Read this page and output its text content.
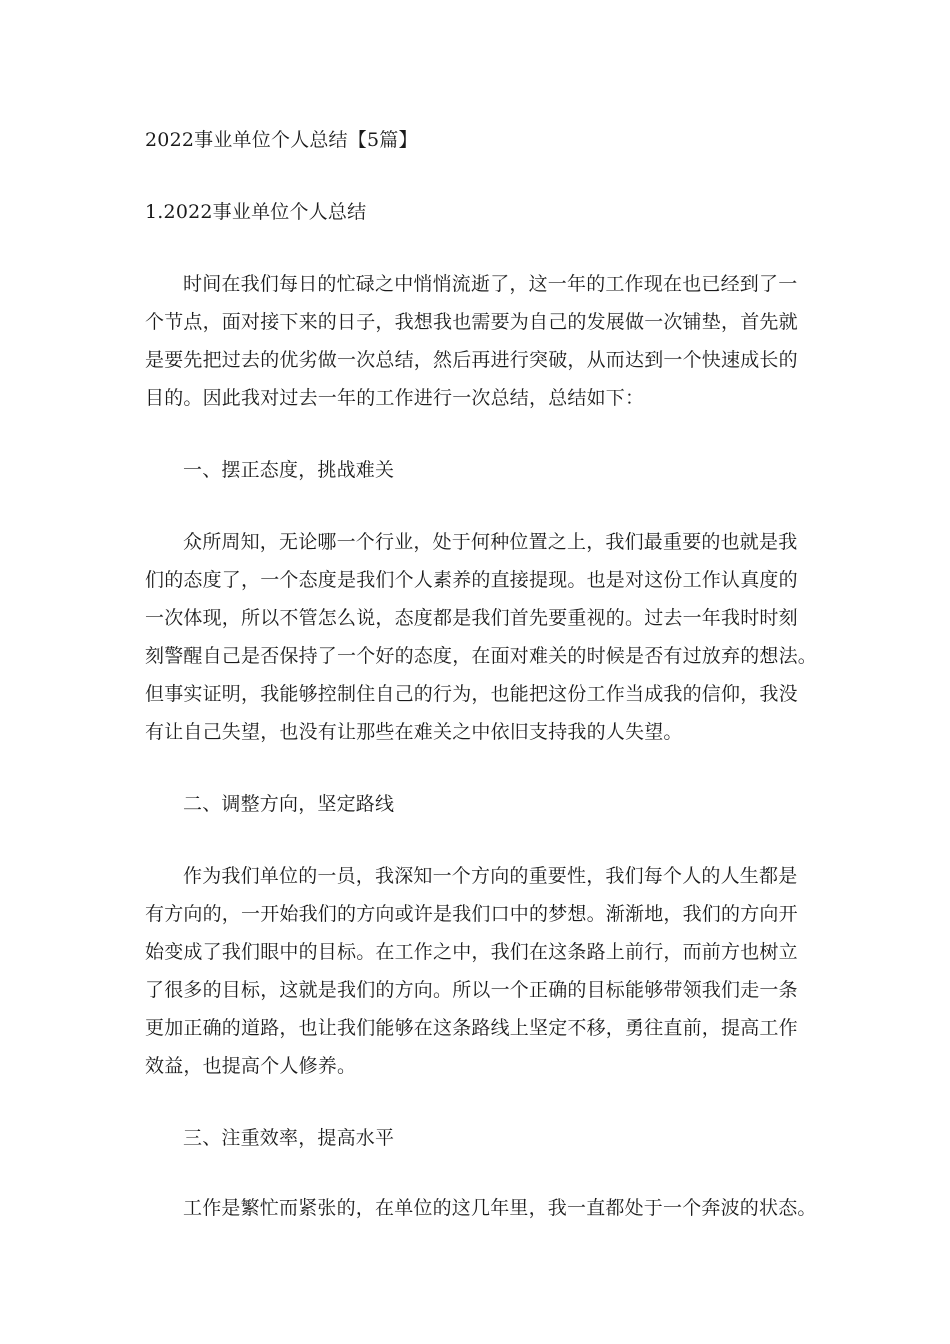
2022事业单位个人总结【5篇】
1.2022事业单位个人总结
时间在我们每日的忙碌之中悄悄流逝了，这一年的工作现在也已经到了一
个节点，面对接下来的日子，我想我也需要为自己的发展做一次铺垫，首先就
是要先把过去的优劣做一次总结，然后再进行突破，从而达到一个快速成长的
目的。因此我对过去一年的工作进行一次总结，总结如下：
一、摆正态度，挑战难关
众所周知，无论哪一个行业，处于何种位置之上，我们最重要的也就是我
们的态度了，一个态度是我们个人素养的直接提现。也是对这份工作认真度的
一次体现，所以不管怎么说，态度都是我们首先要重视的。过去一年我时时刻
刻警醒自己是否保持了一个好的态度，在面对难关的时候是否有过放弃的想法。
但事实证明，我能够控制住自己的行为，也能把这份工作当成我的信仰，我没
有让自己失望，也没有让那些在难关之中依旧支持我的人失望。
二、调整方向，坚定路线
作为我们单位的一员，我深知一个方向的重要性，我们每个人的人生都是
有方向的，一开始我们的方向或许是我们口中的梦想。渐渐地，我们的方向开
始变成了我们眼中的目标。在工作之中，我们在这条路上前行，而前方也树立
了很多的目标，这就是我们的方向。所以一个正确的目标能够带领我们走一条
更加正确的道路，也让我们能够在这条路线上坚定不移，勇往直前，提高工作
效益，也提高个人修养。
三、注重效率，提高水平
工作是繁忙而紧张的，在单位的这几年里，我一直都处于一个奔波的状态。
